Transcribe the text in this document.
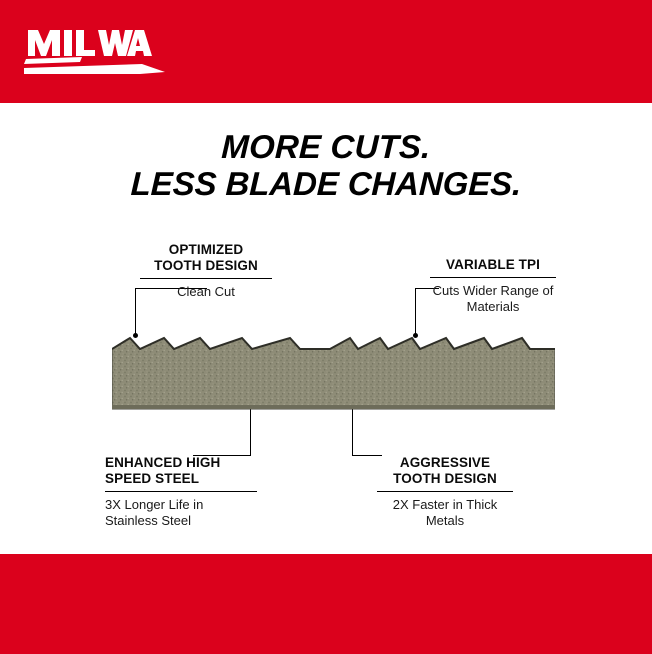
MORE CUTS.
LESS BLADE CHANGES.
OPTIMIZED
TOOTH DESIGN
Clean Cut
VARIABLE TPI
Cuts Wider Range of Materials
ENHANCED HIGH
SPEED STEEL
3X Longer Life in Stainless Steel
AGGRESSIVE
TOOTH DESIGN
2X Faster in Thick Metals
